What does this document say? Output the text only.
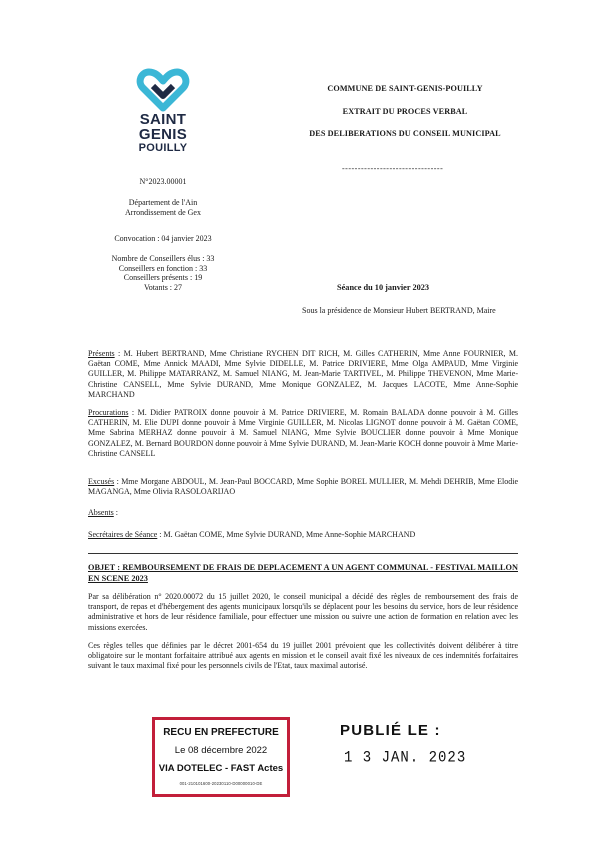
SAINT
GENIS
POUILLY
COMMUNE DE SAINT-GENIS-POUILLY
EXTRAIT DU PROCES VERBAL
DES DELIBERATIONS DU CONSEIL MUNICIPAL
--------------------------------
N°2023.00001
Département de l'Ain
Arrondissement de Gex
Convocation : 04 janvier 2023
Nombre de Conseillers élus : 33
Conseillers en fonction : 33
Conseillers présents : 19
Votants : 27	Séance du 10 janvier 2023
Sous la présidence de Monsieur Hubert BERTRAND, Maire
Présents : M. Hubert BERTRAND, Mme Christiane RYCHEN DIT RICH, M. Gilles CATHERIN, Mme Anne FOURNIER, M. Gaëtan COME, Mme Annick MAADI, Mme Sylvie DIDELLE, M. Patrice DRIVIERE, Mme Olga AMPAUD, Mme Virginie GUILLER, M. Philippe MATARRANZ, M. Samuel NIANG, M. Jean-Marie TARTIVEL, M. Philippe THEVENON, Mme Marie-Christine CANSELL, Mme Sylvie DURAND, Mme Monique GONZALEZ, M. Jacques LACOTE, Mme Anne-Sophie MARCHAND
Procurations : M. Didier PATROIX donne pouvoir à M. Patrice DRIVIERE, M. Romain BALADA donne pouvoir à M. Gilles CATHERIN, M. Elie DUPI donne pouvoir à Mme Virginie GUILLER, M. Nicolas LIGNOT donne pouvoir à M. Gaëtan COME, Mme Sabrina MERHAZ donne pouvoir à M. Samuel NIANG, Mme Sylvie BOUCLIER donne pouvoir à Mme Monique GONZALEZ, M. Bernard BOURDON donne pouvoir à Mme Sylvie DURAND, M. Jean-Marie KOCH donne pouvoir à Mme Marie-Christine CANSELL
Excusés : Mme Morgane ABDOUL, M. Jean-Paul BOCCARD, Mme Sophie BOREL MULLIER, M. Mehdi DEHRIB, Mme Elodie MAGANGA, Mme Olivia RASOLOARIJAO
Absents :
Secrétaires de Séance : M. Gaëtan COME, Mme Sylvie DURAND, Mme Anne-Sophie MARCHAND
OBJET : REMBOURSEMENT DE FRAIS DE DEPLACEMENT A UN AGENT COMMUNAL - FESTIVAL MAILLON EN SCENE 2023
Par sa délibération n° 2020.00072 du 15 juillet 2020, le conseil municipal a décidé des règles de remboursement des frais de transport, de repas et d'hébergement des agents municipaux lorsqu'ils se déplacent pour les besoins du service, hors de leur résidence administrative et hors de leur résidence familiale, pour effectuer une mission ou suivre une action de formation en relation avec les missions exercées.
Ces règles telles que définies par le décret 2001-654 du 19 juillet 2001 prévoient que les collectivités doivent délibérer à titre obligatoire sur le montant forfaitaire attribué aux agents en mission et le conseil avait fixé les niveaux de ces indemnités forfaitaires suivant le taux maximal fixé pour les personnels civils de l'Etat, taux maximal autorisé.
RECU EN PREFECTURE
Le 08 décembre 2022
VIA DOTELEC - FAST Actes
001-210101600-20230110-D00000010-DE
PUBLIÉ LE :
1 3 JAN. 2023
